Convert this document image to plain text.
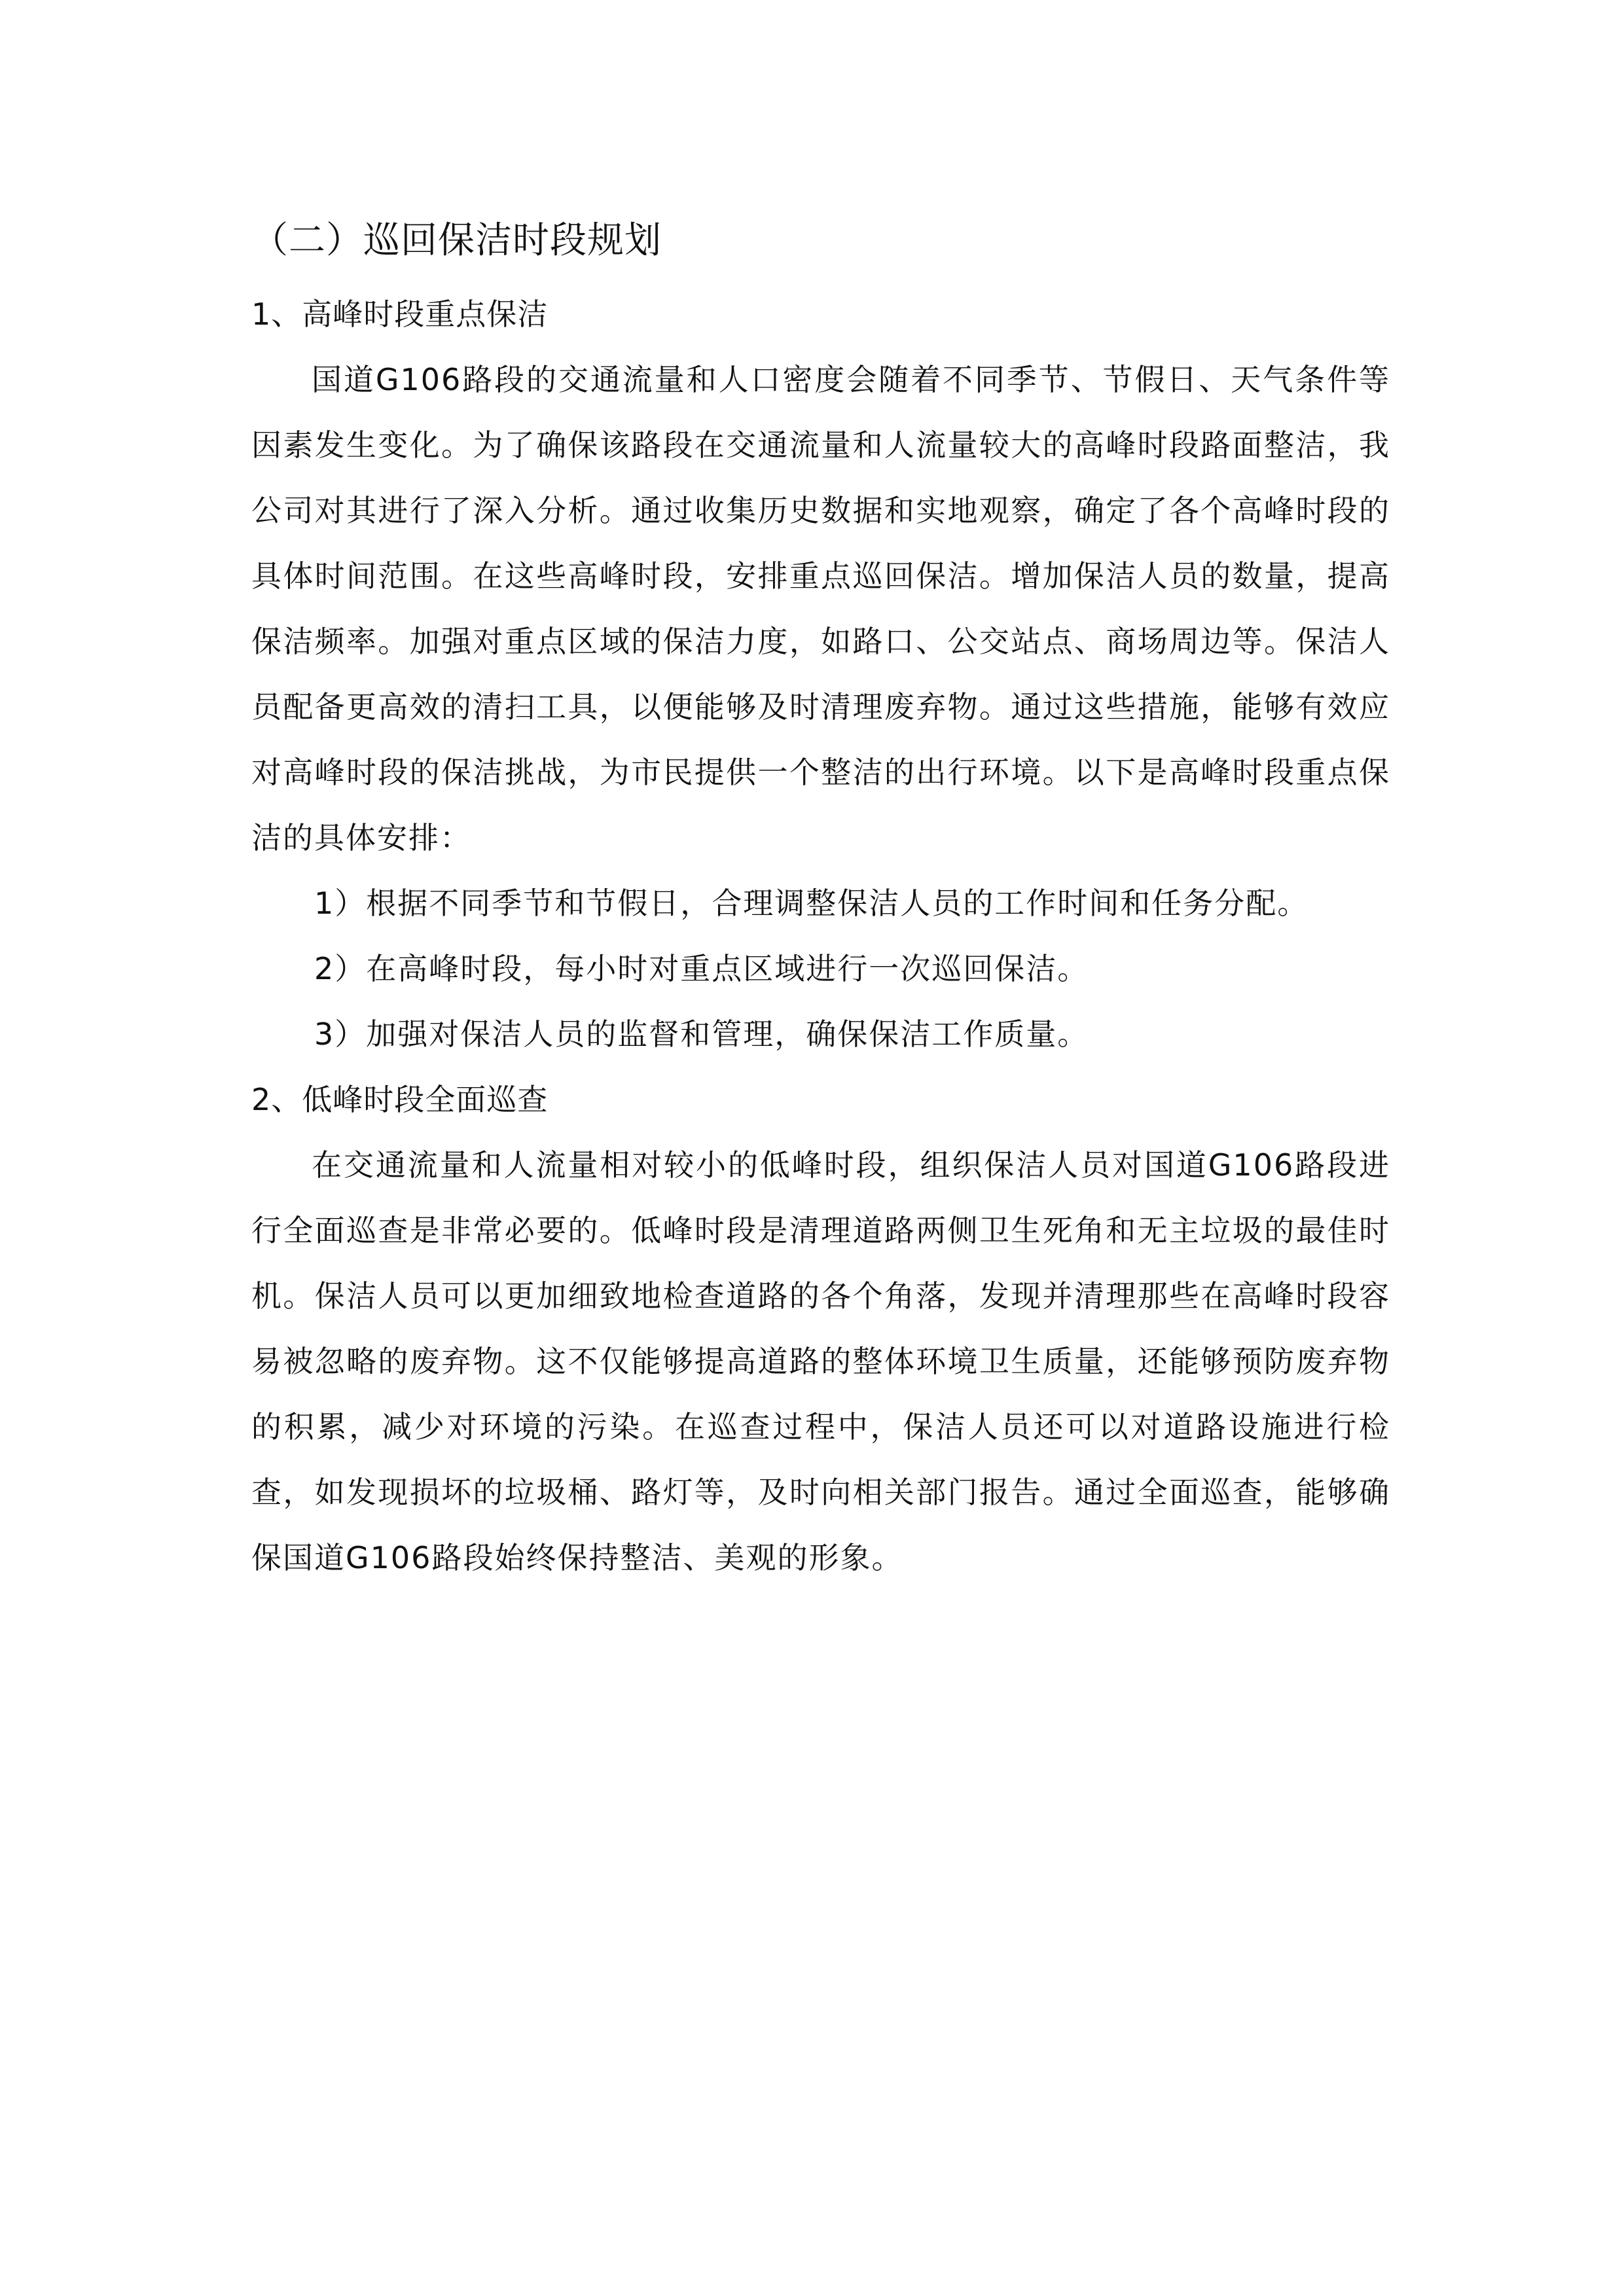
（二）巡回保洁时段规划
1、高峰时段重点保洁

国道G106路段的交通流量和人口密度会随着不同季节、节假日、天气条件等因素发生变化。为了确保该路段在交通流量和人流量较大的高峰时段路面整洁，我公司对其进行了深入分析。通过收集历史数据和实地观察，确定了各个高峰时段的具体时间范围。在这些高峰时段，安排重点巡回保洁。增加保洁人员的数量，提高保洁频率。加强对重点区域的保洁力度，如路口、公交站点、商场周边等。保洁人员配备更高效的清扫工具，以便能够及时清理废弃物。通过这些措施，能够有效应对高峰时段的保洁挑战，为市民提供一个整洁的出行环境。以下是高峰时段重点保洁的具体安排：

1）根据不同季节和节假日，合理调整保洁人员的工作时间和任务分配。

2）在高峰时段，每小时对重点区域进行一次巡回保洁。

3）加强对保洁人员的监督和管理，确保保洁工作质量。

2、低峰时段全面巡查

在交通流量和人流量相对较小的低峰时段，组织保洁人员对国道G106路段进行全面巡查是非常必要的。低峰时段是清理道路两侧卫生死角和无主垃圾的最佳时机。保洁人员可以更加细致地检查道路的各个角落，发现并清理那些在高峰时段容易被忽略的废弃物。这不仅能够提高道路的整体环境卫生质量，还能够预防废弃物的积累，减少对环境的污染。在巡查过程中，保洁人员还可以对道路设施进行检查，如发现损坏的垃圾桶、路灯等，及时向相关部门报告。通过全面巡查，能够确保国道G106路段始终保持整洁、美观的形象。
